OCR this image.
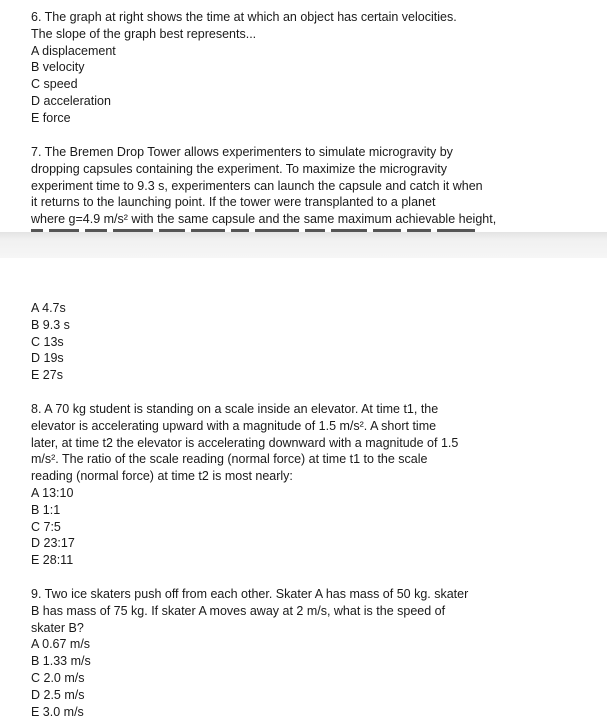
6. The graph at right shows the time at which an object has certain velocities.
The slope of the graph best represents...
A displacement
B velocity
C speed
D acceleration
E force
7. The Bremen Drop Tower allows experimenters to simulate microgravity by
dropping capsules containing the experiment. To maximize the microgravity
experiment time to 9.3 s, experimenters can launch the capsule and catch it when
it returns to the launching point. If the tower were transplanted to a planet
where g=4.9 m/s² with the same capsule and the same maximum achievable height,
A 4.7s
B 9.3 s
C 13s
D 19s
E 27s
8. A 70 kg student is standing on a scale inside an elevator. At time t1, the
elevator is accelerating upward with a magnitude of 1.5 m/s². A short time
later, at time t2 the elevator is accelerating downward with a magnitude of 1.5
m/s². The ratio of the scale reading (normal force) at time t1 to the scale
reading (normal force) at time t2 is most nearly:
A 13:10
B 1:1
C 7:5
D 23:17
E 28:11
9. Two ice skaters push off from each other. Skater A has mass of 50 kg. skater
B has mass of 75 kg. If skater A moves away at 2 m/s, what is the speed of
skater B?
A 0.67 m/s
B 1.33 m/s
C 2.0 m/s
D 2.5 m/s
E 3.0 m/s
